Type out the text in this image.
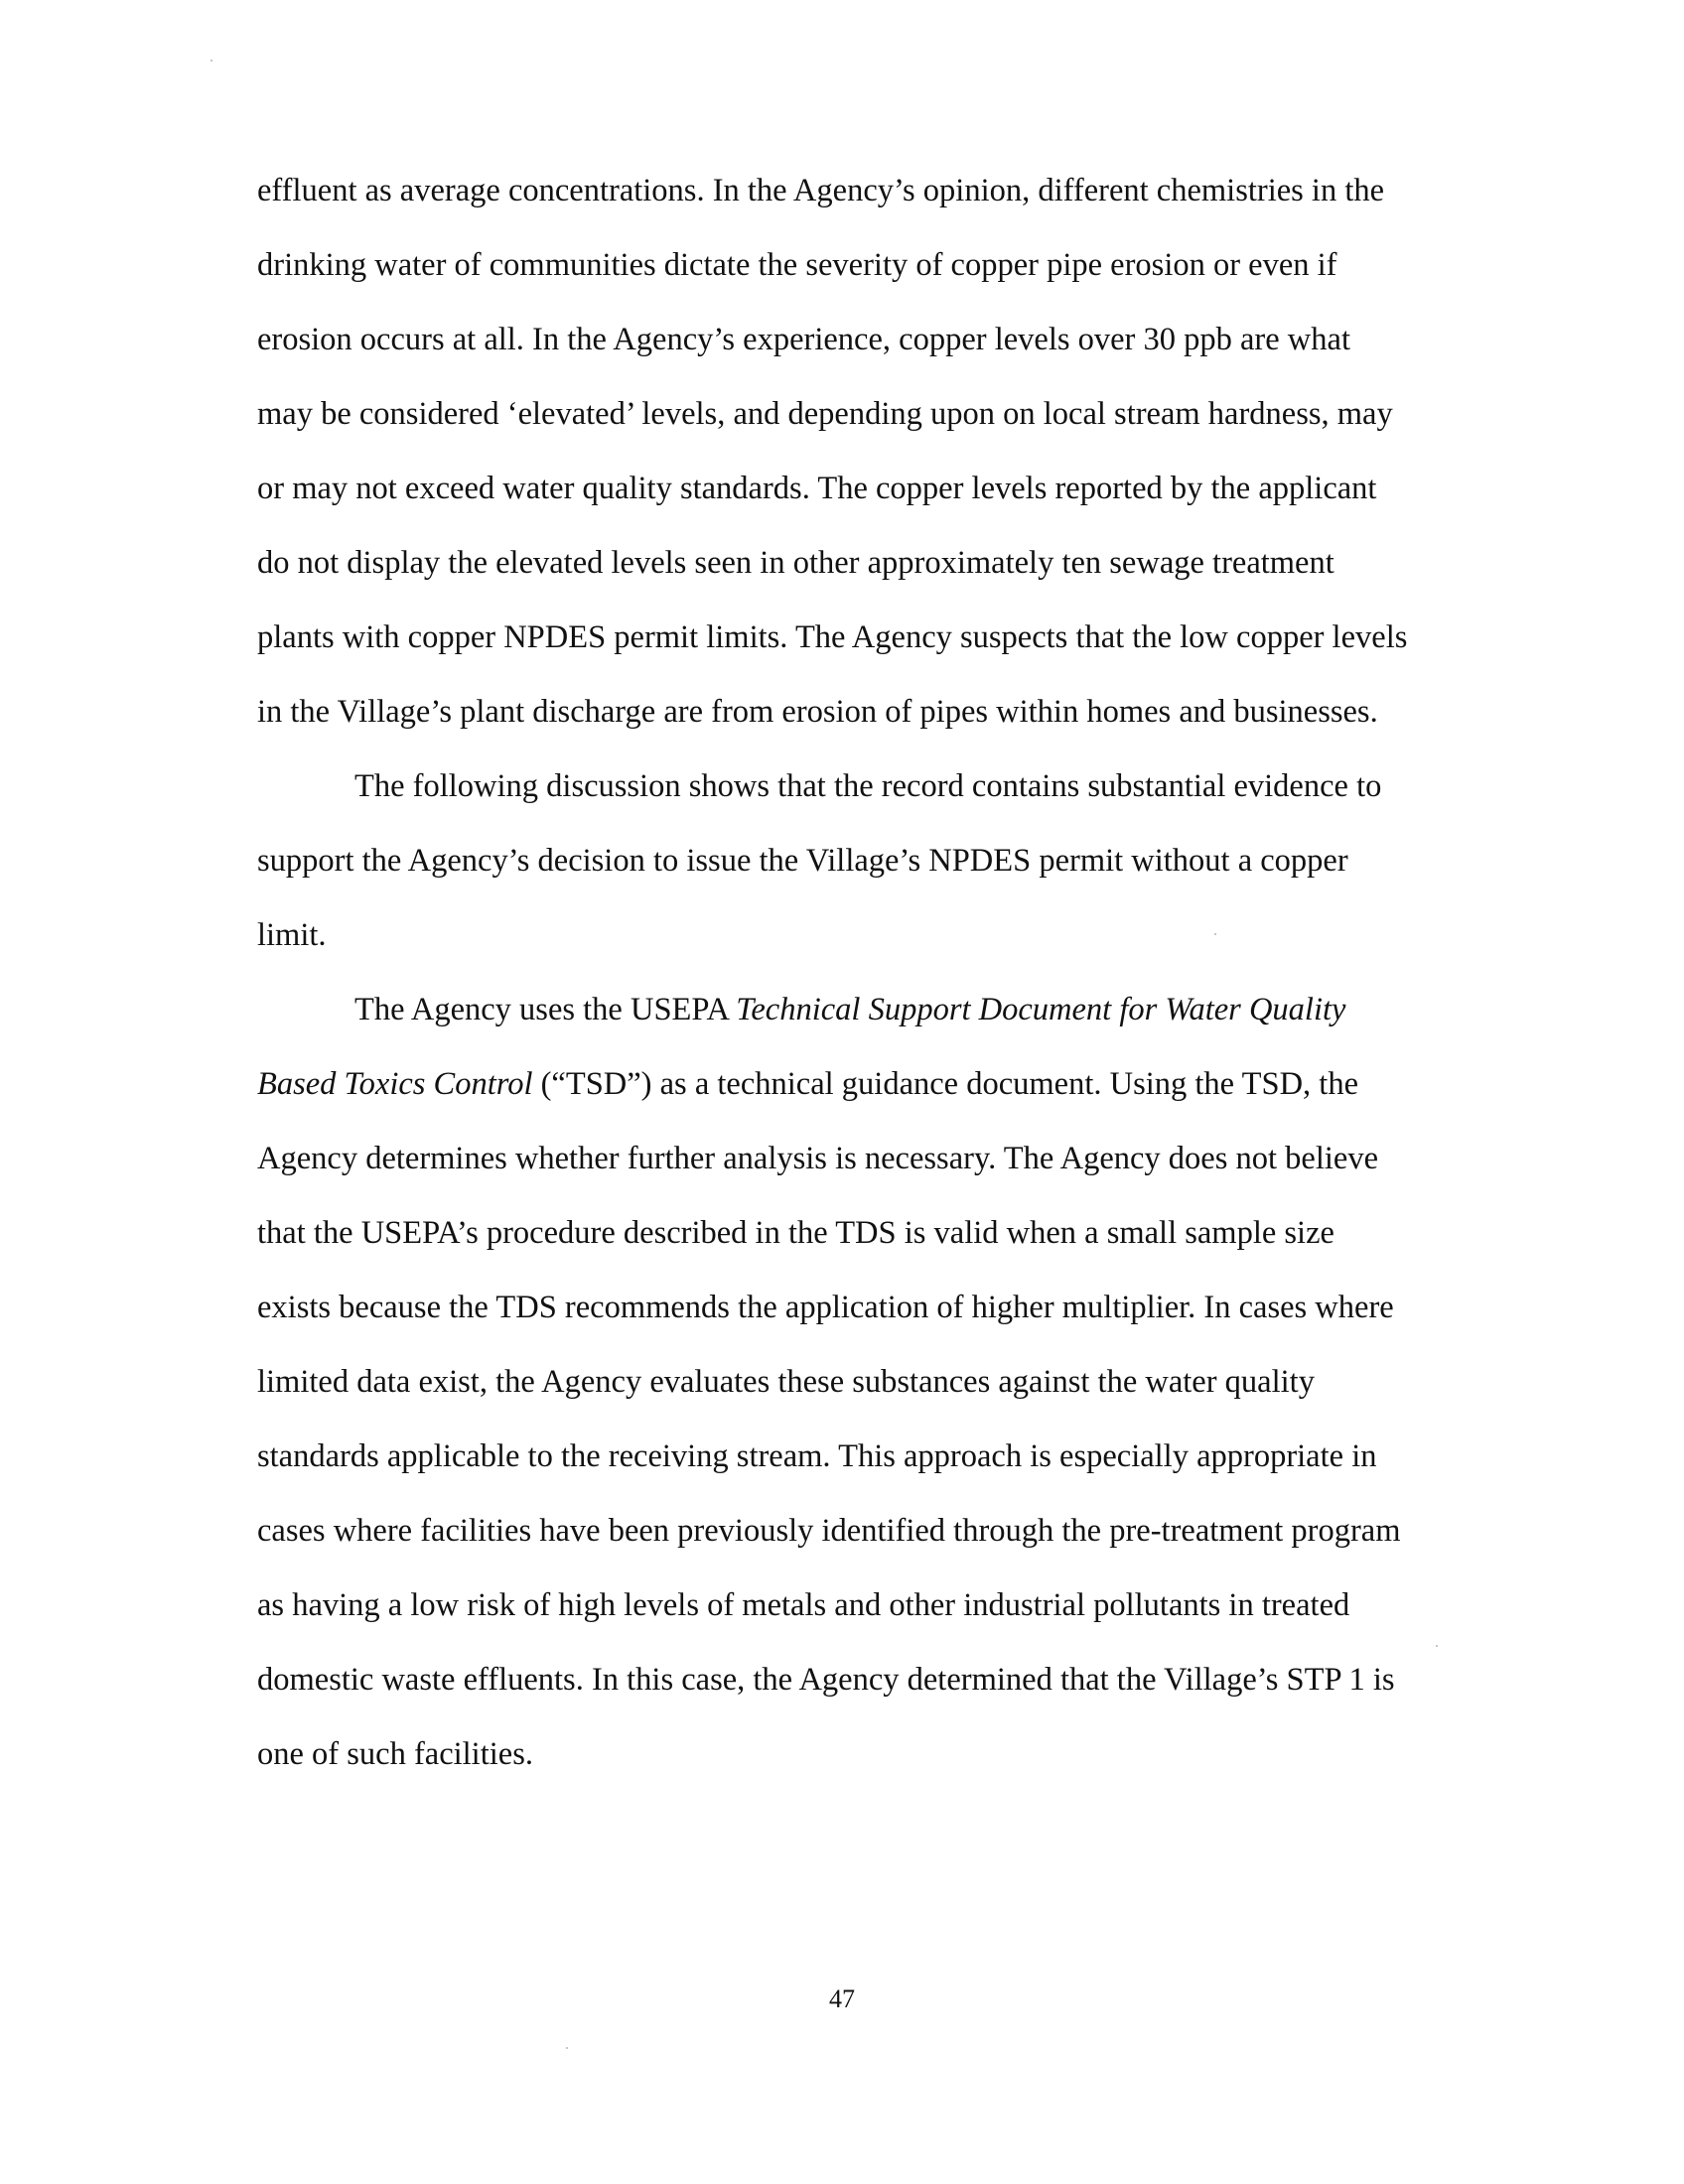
effluent as average concentrations. In the Agency’s opinion, different chemistries in the
drinking water of communities dictate the severity of copper pipe erosion or even if
erosion occurs at all. In the Agency’s experience, copper levels over 30 ppb are what
may be considered ‘elevated’ levels, and depending upon on local stream hardness, may
or may not exceed water quality standards. The copper levels reported by the applicant
do not display the elevated levels seen in other approximately ten sewage treatment
plants with copper NPDES permit limits. The Agency suspects that the low copper levels
in the Village’s plant discharge are from erosion of pipes within homes and businesses.
The following discussion shows that the record contains substantial evidence to
support the Agency’s decision to issue the Village’s NPDES permit without a copper
limit.
The Agency uses the USEPA Technical Support Document for Water Quality
Based Toxics Control (“TSD”) as a technical guidance document. Using the TSD, the
Agency determines whether further analysis is necessary. The Agency does not believe
that the USEPA’s procedure described in the TDS is valid when a small sample size
exists because the TDS recommends the application of higher multiplier. In cases where
limited data exist, the Agency evaluates these substances against the water quality
standards applicable to the receiving stream. This approach is especially appropriate in
cases where facilities have been previously identified through the pre-treatment program
as having a low risk of high levels of metals and other industrial pollutants in treated
domestic waste effluents. In this case, the Agency determined that the Village’s STP 1 is
one of such facilities.
47
